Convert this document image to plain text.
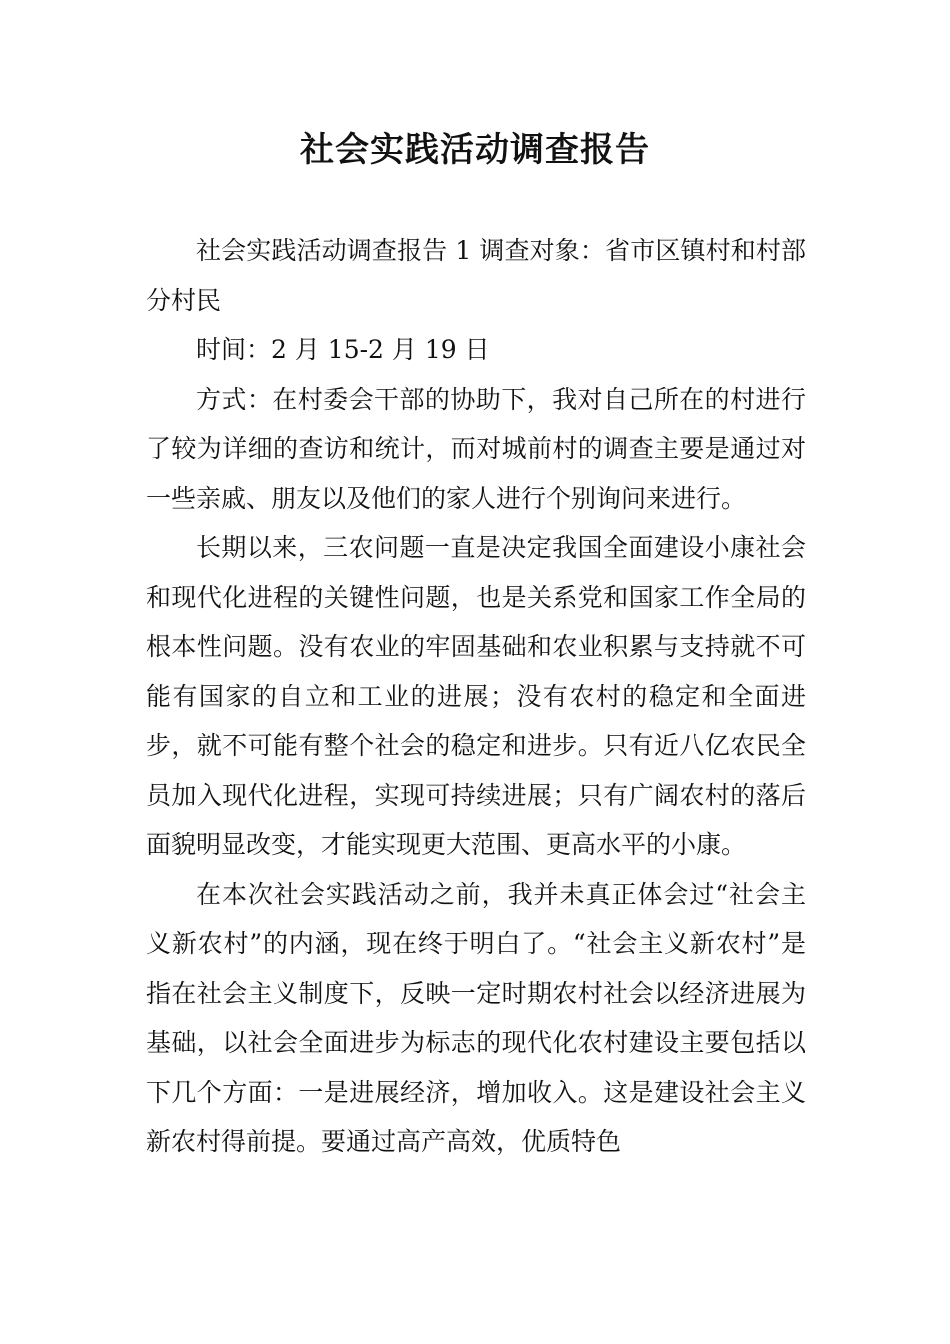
社会实践活动调查报告

社会实践活动调查报告 1 调查对象：省市区镇村和村部分村民

时间：2 月 15-2 月 19 日

方式：在村委会干部的协助下，我对自己所在的村进行了较为详细的查访和统计，而对城前村的调查主要是通过对一些亲戚、朋友以及他们的家人进行个别询问来进行。

长期以来，三农问题一直是决定我国全面建设小康社会和现代化进程的关键性问题，也是关系党和国家工作全局的根本性问题。没有农业的牢固基础和农业积累与支持就不可能有国家的自立和工业的进展；没有农村的稳定和全面进步，就不可能有整个社会的稳定和进步。只有近八亿农民全员加入现代化进程，实现可持续进展；只有广阔农村的落后面貌明显改变，才能实现更大范围、更高水平的小康。

在本次社会实践活动之前，我并未真正体会过“社会主义新农村”的内涵，现在终于明白了。“社会主义新农村”是指在社会主义制度下，反映一定时期农村社会以经济进展为基础，以社会全面进步为标志的现代化农村建设主要包括以下几个方面：一是进展经济，增加收入。这是建设社会主义新农村得前提。要通过高产高效，优质特色
